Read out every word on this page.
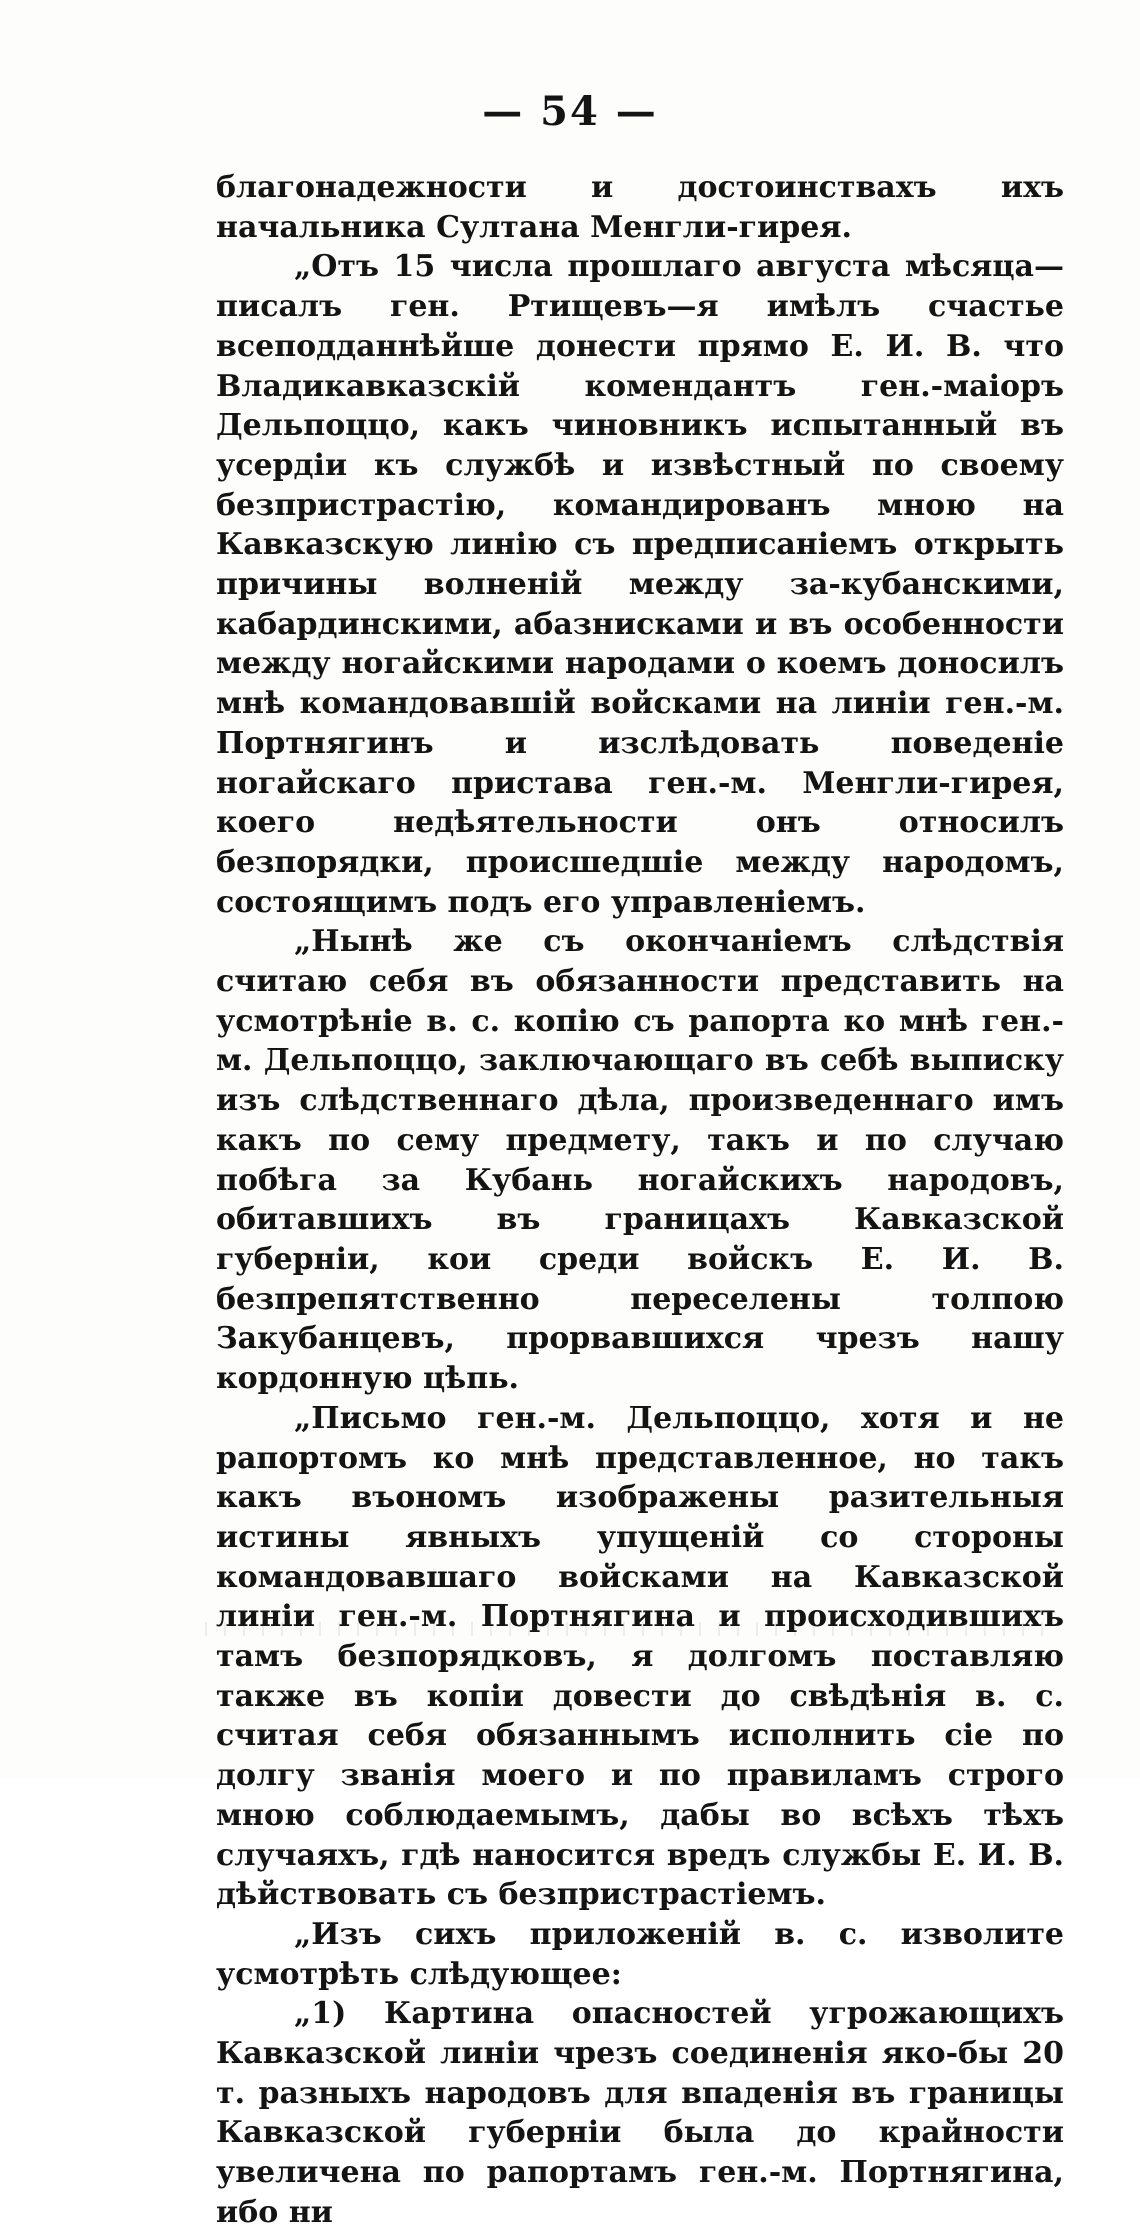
— 54 —

благонадежности и достоинствахъ ихъ начальника Султана Менгли-гирея.

„Отъ 15 числа прошлаго августа мѣсяца—писалъ ген. Ртищевъ—я имѣлъ счастье всеподданнѣйше донести прямо Е. И. В. что Владикавказскій комендантъ ген.-маіоръ Дельпоццо, какъ чиновникъ испытанный въ усердіи къ службѣ и извѣстный по своему безпристрастію, командированъ мною на Кавказскую линію съ предписаніемъ открыть причины волненій между за-кубанскими, кабардинскими, абазнисками и въ особенности между ногайскими народами о коемъ доносилъ мнѣ командовавшій войсками на линіи ген.-м. Портнягинъ и изслѣдовать поведеніе ногайскаго пристава ген.-м. Менгли-гирея, коего недѣятельности онъ относилъ безпорядки, происшедшіе между народомъ, состоящимъ подъ его управленіемъ.

„Нынѣ же съ окончаніемъ слѣдствія считаю себя въ обязанности представить на усмотрѣніе в. с. копію съ рапорта ко мнѣ ген.-м. Дельпоццо, заключающаго въ себѣ выписку изъ слѣдственнаго дѣла, произведеннаго имъ какъ по сему предмету, такъ и по случаю побѣга за Кубань ногайскихъ народовъ, обитавшихъ въ границахъ Кавказской губерніи, кои среди войскъ Е. И. В. безпрепятственно переселены толпою Закубанцевъ, прорвавшихся чрезъ нашу кордонную цѣпь.

„Письмо ген.-м. Дельпоццо, хотя и не рапортомъ ко мнѣ представленное, но такъ какъ въономъ изображены разительныя истины явныхъ упущеній со стороны командовавшаго войсками на Кавказской линіи ген.-м. Портнягина и происходившихъ тамъ безпорядковъ, я долгомъ поставляю также въ копіи довести до свѣдѣнія в. с. считая себя обязаннымъ исполнить сіе по долгу званія моего и по правиламъ строго мною соблюдаемымъ, дабы во всѣхъ тѣхъ случаяхъ, гдѣ наносится вредъ службы Е. И. В. дѣйствовать съ безпристрастіемъ.

„Изъ сихъ приложеній в. с. изволите усмотрѣть слѣдующее:

„1) Картина опасностей угрожающихъ Кавказской линіи чрезъ соединенія яко-бы 20 т. разныхъ народовъ для впаденія въ границы Кавказской губерніи была до крайности увеличена по рапортамъ ген.-м. Портнягина, ибо ни
